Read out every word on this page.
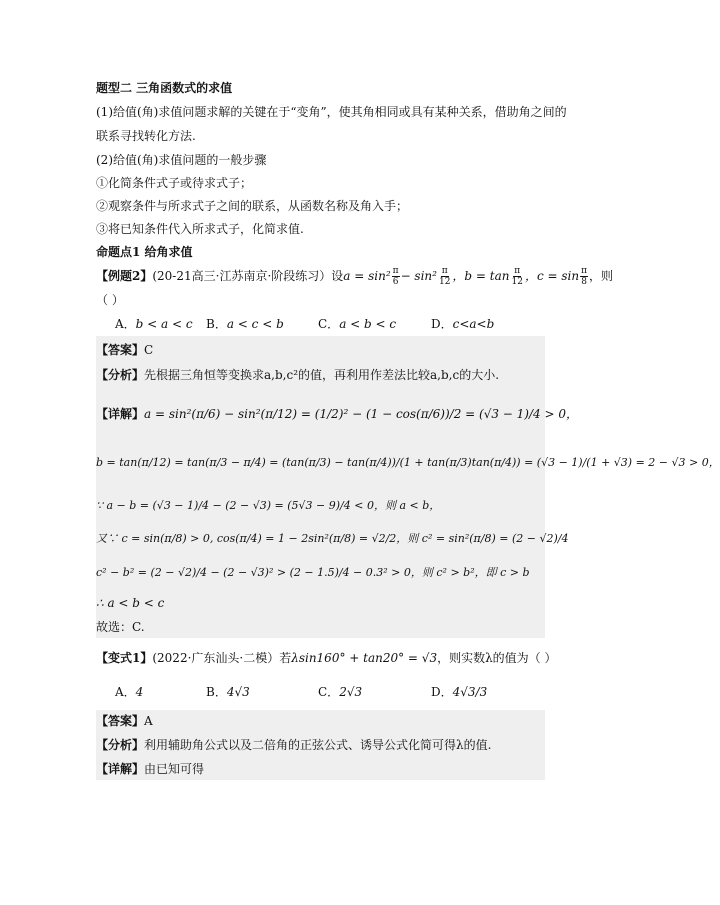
题型二 三角函数式的求值
(1)给值(角)求值问题求解的关键在于“变角”，使其角相同或具有某种关系，借助角之间的
联系寻找转化方法.
(2)给值(角)求值问题的一般步骤
①化简条件式子或待求式子；
②观察条件与所求式子之间的联系，从函数名称及角入手；
③将已知条件代入所求式子，化简求值.
命题点1 给角求值
【例题2】(20-21高三·江苏南京·阶段练习）设$a = \sin^2 \frac{\pi}{6} - \sin^2 \frac{\pi}{12}$ ，$b = \tan \frac{\pi}{12}$ ，$c = \sin \frac{\pi}{8}$ ，则
（ ）
A．b < a < c B．a < c < b	C．a < b < c	D．c<a<b
【答案】C
【分析】先根据三角恒等变换求a,b,c²的值，再利用作差法比较a,b,c的大小.
【详解】a = sin²(π/6) − sin²(π/12) = (1/2)² − (1 − cos(π/6))/2 = (√3 − 1)/4 > 0，
b = tan(π/12) = tan(π/3 − π/4) = (tan(π/3) − tan(π/4))/(1 + tan(π/3)tan(π/4)) = (√3 − 1)/(1 + √3) = 2 − √3 > 0，
∵ a − b = (√3 − 1)/4 − (2 − √3) = (5√3 − 9)/4 < 0，则 a < b，
又∵ c = sin(π/8) > 0, cos(π/4) = 1 − 2sin²(π/8) = √2/2，则 c² = sin²(π/8) = (2 − √2)/4
c² − b² = (2 − √2)/4 − (2 − √3)² > (2 − 1.5)/4 − 0.3² > 0，则 c² > b²，即 c > b
∴ a < b < c
故选：C.
【变式1】(2022·广东汕头·二模）若λsin160° + tan20° = √3，则实数λ的值为（ ）
A．4	B．4√3	C．2√3	D．4√3/3
【答案】A
【分析】利用辅助角公式以及二倍角的正弦公式、诱导公式化简可得λ的值.
【详解】由已知可得
